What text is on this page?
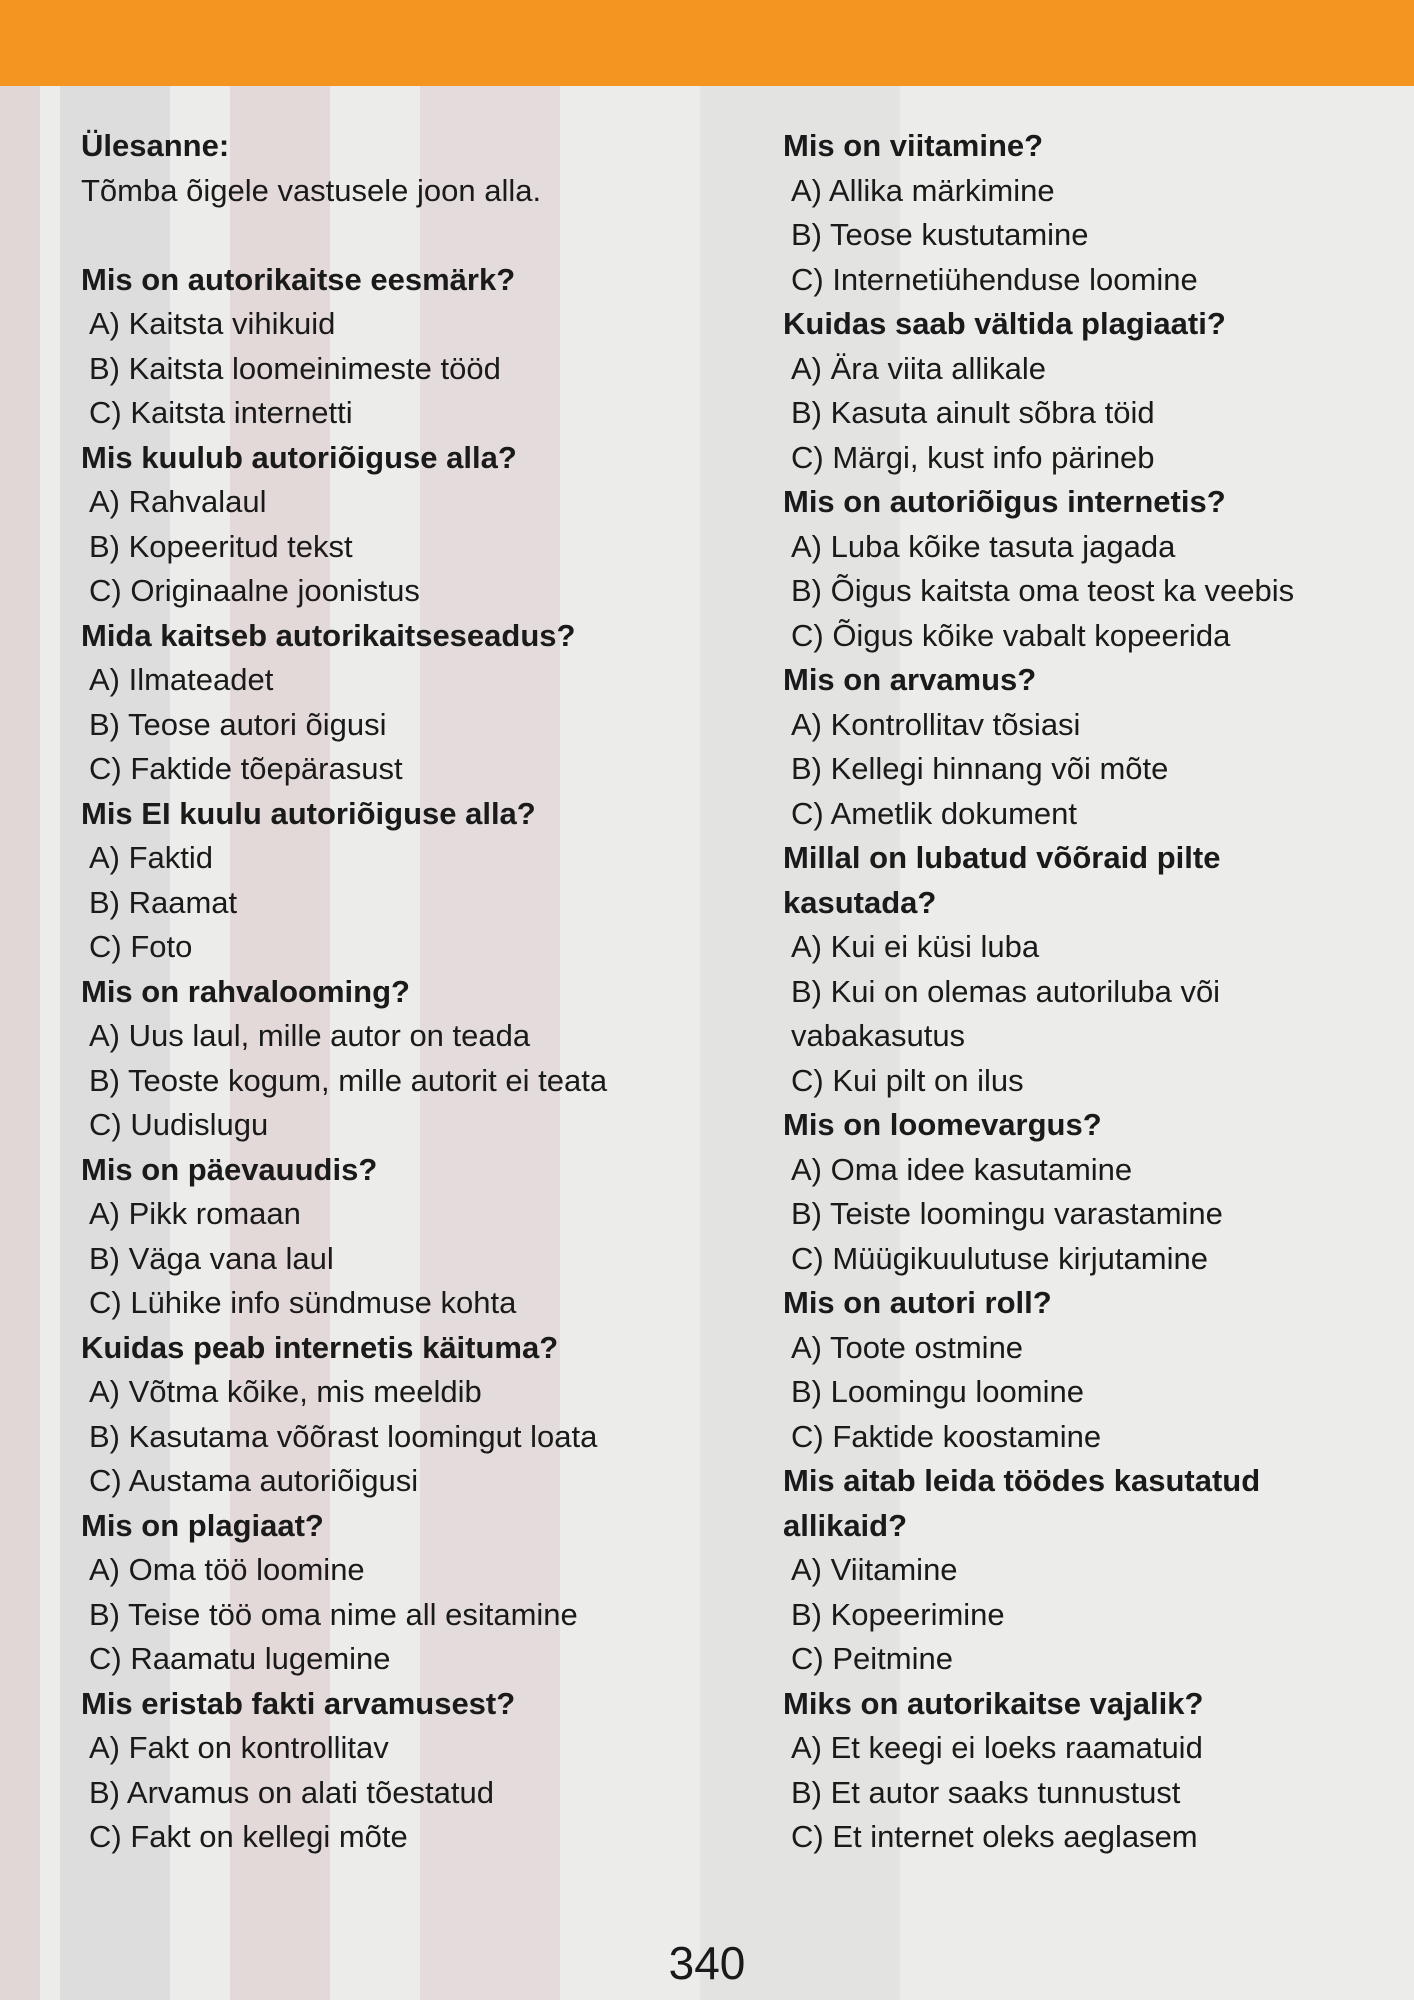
Ülesanne:

Tõmba õigele vastusele joon alla.

Mis on autorikaitse eesmärk?

A) Kaitsta vihikuid

B) Kaitsta loomeinimeste tööd

C) Kaitsta internetti

Mis kuulub autoriõiguse alla?

A) Rahvalaul

B) Kopeeritud tekst

C) Originaalne joonistus

Mida kaitseb autorikaitseseadus?

A) Ilmateadet

B) Teose autori õigusi

C) Faktide tõepärasust

Mis EI kuulu autoriõiguse alla?

A) Faktid

B) Raamat

C) Foto

Mis on rahvalooming?

A) Uus laul, mille autor on teada

B) Teoste kogum, mille autorit ei teata

C) Uudislugu

Mis on päevauudis?

A) Pikk romaan

B) Väga vana laul

C) Lühike info sündmuse kohta

Kuidas peab internetis käituma?

A) Võtma kõike, mis meeldib

B) Kasutama võõrast loomingut loata

C) Austama autoriõigusi

Mis on plagiaat?

A) Oma töö loomine

B) Teise töö oma nime all esitamine

C) Raamatu lugemine

Mis eristab fakti arvamusest?

A) Fakt on kontrollitav

B) Arvamus on alati tõestatud

C) Fakt on kellegi mõte

Mis on viitamine?

A) Allika märkimine

B) Teose kustutamine

C) Internetiühenduse loomine

Kuidas saab vältida plagiaati?

A) Ära viita allikale

B) Kasuta ainult sõbra töid

C) Märgi, kust info pärineb

Mis on autoriõigus internetis?

A) Luba kõike tasuta jagada

B) Õigus kaitsta oma teost ka veebis

C) Õigus kõike vabalt kopeerida

Mis on arvamus?

A) Kontrollitav tõsiasi

B) Kellegi hinnang või mõte

C) Ametlik dokument

Millal on lubatud võõraid pilte kasutada?

A) Kui ei küsi luba

B) Kui on olemas autoriluba või vabakasutus

C) Kui pilt on ilus

Mis on loomevargus?

A) Oma idee kasutamine

B) Teiste loomingu varastamine

C) Müügikuulutuse kirjutamine

Mis on autori roll?

A) Toote ostmine

B) Loomingu loomine

C) Faktide koostamine

Mis aitab leida töödes kasutatud allikaid?

A) Viitamine

B) Kopeerimine

C) Peitmine

Miks on autorikaitse vajalik?

A) Et keegi ei loeks raamatuid

B) Et autor saaks tunnustust

C) Et internet oleks aeglasem

340
